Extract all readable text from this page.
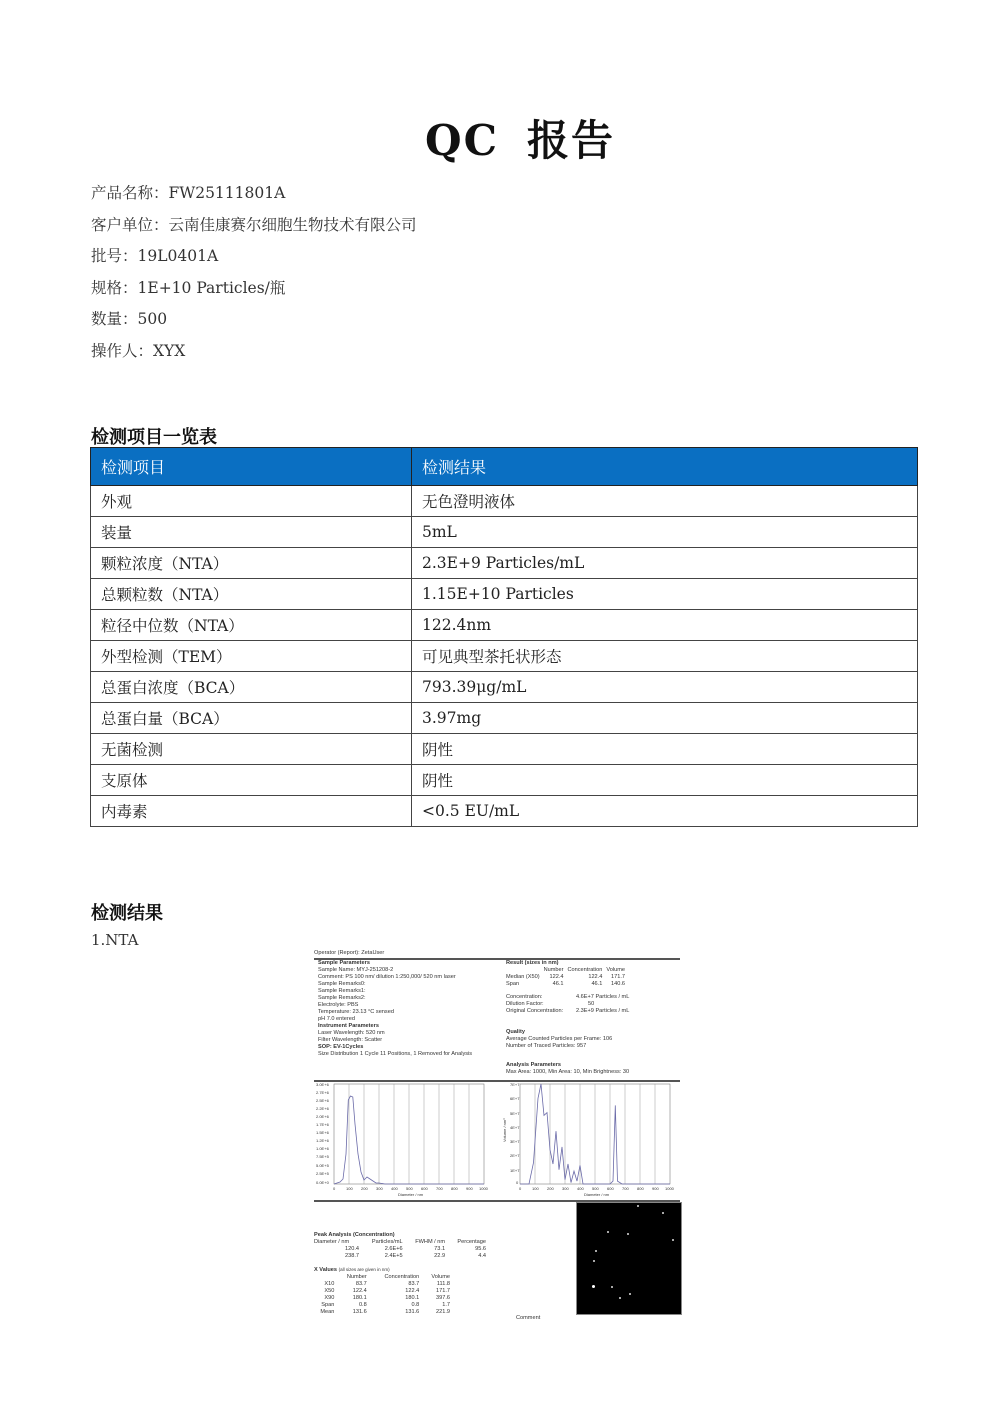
QC 报告
产品名称：FW25111801A
客户单位：云南佳康赛尔细胞生物技术有限公司
批号：19L0401A
规格：1E+10 Particles/瓶
数量：500
操作人：XYX
检测项目一览表
检测项目	检测结果
外观	无色澄明液体
装量	5mL
颗粒浓度（NTA）	2.3E+9 Particles/mL
总颗粒数（NTA）	1.15E+10 Particles
粒径中位数（NTA）	122.4nm
外型检测（TEM）	可见典型茶托状形态
总蛋白浓度（BCA）	793.39μg/mL
总蛋白量（BCA）	3.97mg
无菌检测	阴性
支原体	阴性
内毒素	<0.5 EU/mL
检测结果
1.NTA
Operator (Report): ZetaUser
Sample Parameters
Sample Name: MYJ-251208-2
Comment: PS 100 nm/ dilution 1:250,000/ 520 nm laser
Sample Remarks0:
Sample Remarks1:
Sample Remarks2:
Electrolyte: PBS
Temperature: 23.13 °C sensed
pH 7.0 entered
Instrument Parameters
Laser Wavelength: 520 nm
Filter Wavelength: Scatter
SOP: EV-1Cycles
Size Distribution 1 Cycle 11 Positions, 1 Removed for Analysis
Result (sizes in nm)
	Number	Concentration	Volume
Median (X50)	122.4	122.4	171.7
Span	46.1	46.1	140.6
Concentration:	4.6E+7 Particles / mL
Dilution Factor:	50
Original Concentration: 2.3E+9 Particles / mL
Quality
Average Counted Particles per Frame: 106
Number of Traced Particles: 957
Analysis Parameters
Max Area: 1000, Min Area: 10, Min Brightness: 30
3.0E+6
2.7E+6
2.5E+6
2.2E+6
2.0E+6
1.7E+6
1.5E+6
1.2E+6
1.0E+6
7.5E+5
5.0E+5
2.5E+5
0.0E+0
0	100 200 300 400 500 600 700 800 900 1000
Diameter / nm
7E+7
6E+7
5E+7
4E+7
3E+7
2E+7
1E+7
0
0	100 200 300 400 500 600 700 800 900 1000
Diameter / nm
Volume / nm³
Peak Analysis (Concentration)
Diameter / nm	Particles/mL	FWHM / nm	Percentage
120.4	2.6E+6	73.1	95.6
238.7	2.4E+5	22.9	4.4
X Values (all sizes are given in nm)
	Number	Concentration	Volume
X10	83.7	83.7	111.8
X50	122.4	122.4	171.7
X90	180.1	180.1	397.6
Span	0.8	0.8	1.7
Mean	131.6	131.6	221.9
Comment
